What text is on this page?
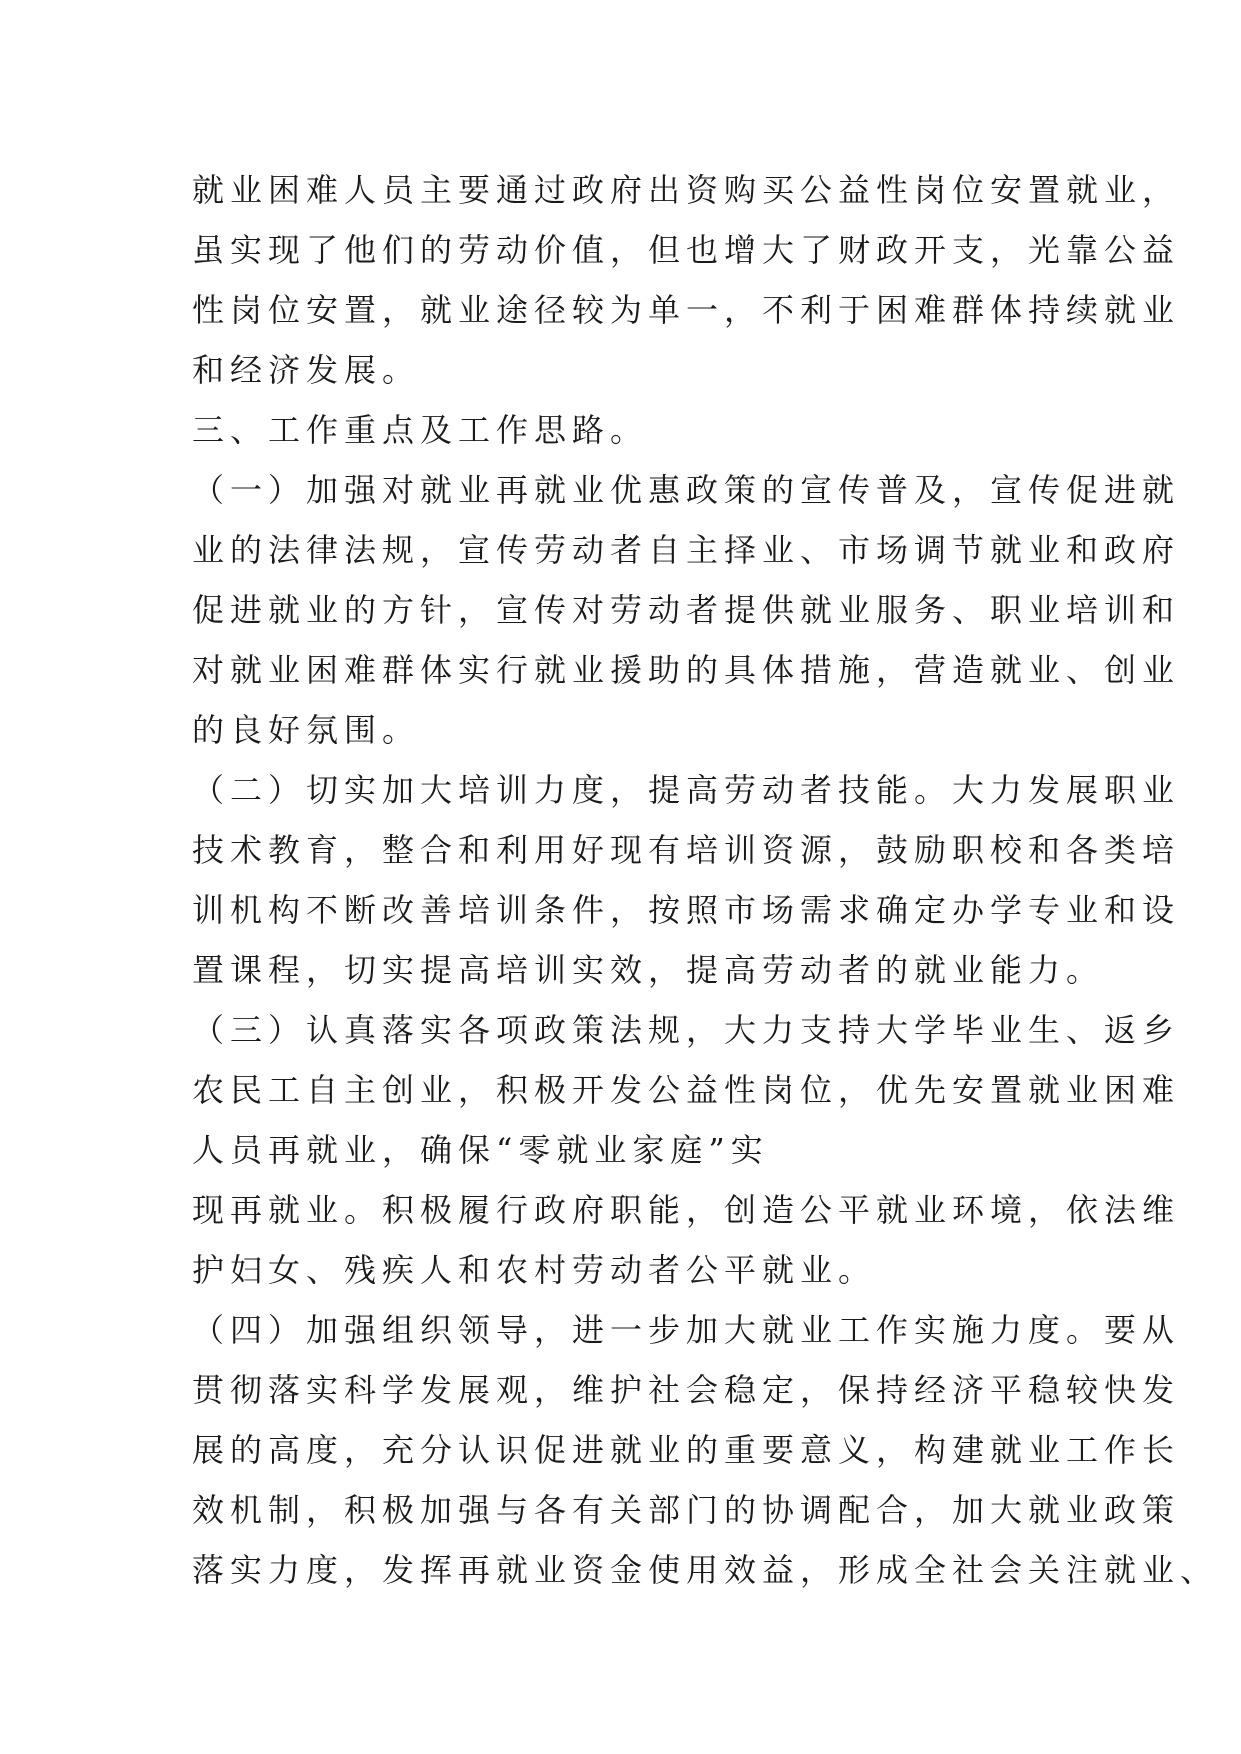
就业困难人员主要通过政府出资购买公益性岗位安置就业，
虽实现了他们的劳动价值，但也增大了财政开支，光靠公益
性岗位安置，就业途径较为单一，不利于困难群体持续就业
和经济发展。
三、工作重点及工作思路。
（一）加强对就业再就业优惠政策的宣传普及，宣传促进就
业的法律法规，宣传劳动者自主择业、市场调节就业和政府
促进就业的方针，宣传对劳动者提供就业服务、职业培训和
对就业困难群体实行就业援助的具体措施，营造就业、创业
的良好氛围。
（二）切实加大培训力度，提高劳动者技能。大力发展职业
技术教育，整合和利用好现有培训资源，鼓励职校和各类培
训机构不断改善培训条件，按照市场需求确定办学专业和设
置课程，切实提高培训实效，提高劳动者的就业能力。
（三）认真落实各项政策法规，大力支持大学毕业生、返乡
农民工自主创业，积极开发公益性岗位，优先安置就业困难
人员再就业，确保“零就业家庭”实
现再就业。积极履行政府职能，创造公平就业环境，依法维
护妇女、残疾人和农村劳动者公平就业。
（四）加强组织领导，进一步加大就业工作实施力度。要从
贯彻落实科学发展观，维护社会稳定，保持经济平稳较快发
展的高度，充分认识促进就业的重要意义，构建就业工作长
效机制，积极加强与各有关部门的协调配合，加大就业政策
落实力度，发挥再就业资金使用效益，形成全社会关注就业、
